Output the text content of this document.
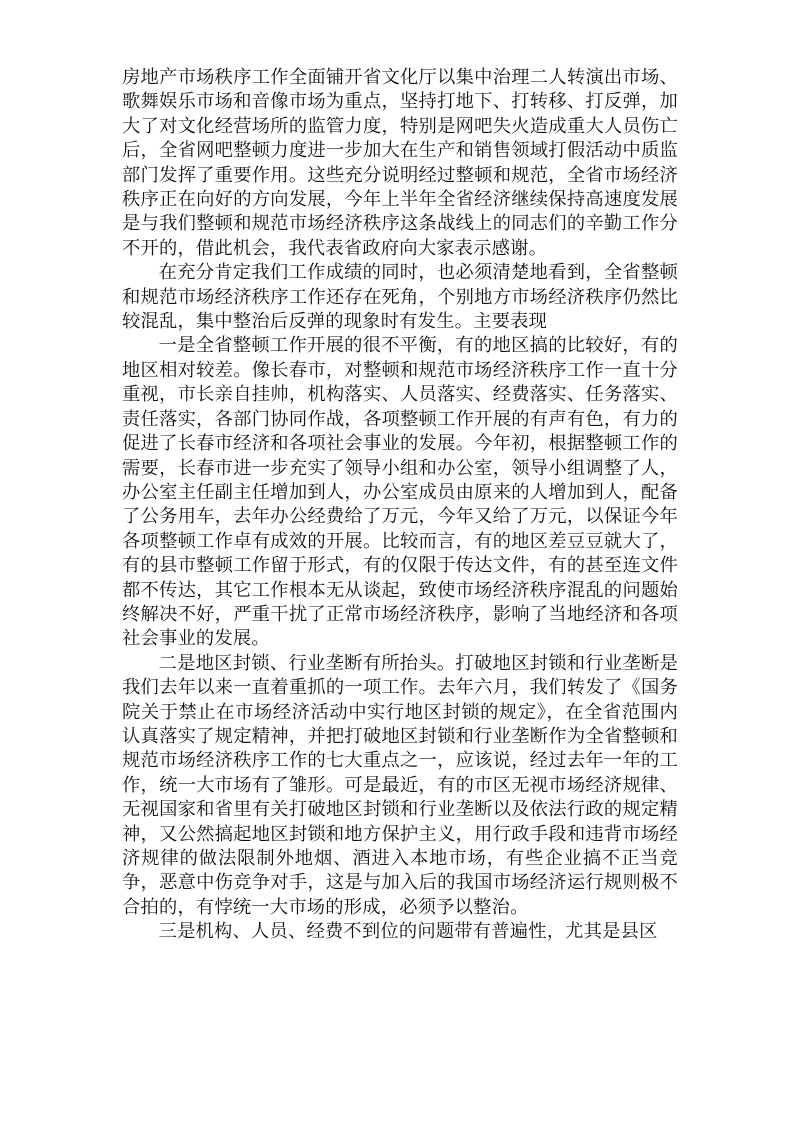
房地产市场秩序工作全面铺开省文化厅以集中治理二人转演出市场、歌舞娱乐市场和音像市场为重点，坚持打地下、打转移、打反弹，加大了对文化经营场所的监管力度，特别是网吧失火造成重大人员伤亡后，全省网吧整顿力度进一步加大在生产和销售领域打假活动中质监部门发挥了重要作用。这些充分说明经过整顿和规范，全省市场经济秩序正在向好的方向发展，今年上半年全省经济继续保持高速度发展是与我们整顿和规范市场经济秩序这条战线上的同志们的辛勤工作分不开的，借此机会，我代表省政府向大家表示感谢。

在充分肯定我们工作成绩的同时，也必须清楚地看到，全省整顿和规范市场经济秩序工作还存在死角，个别地方市场经济秩序仍然比较混乱，集中整治后反弹的现象时有发生。主要表现

一是全省整顿工作开展的很不平衡，有的地区搞的比较好，有的地区相对较差。像长春市，对整顿和规范市场经济秩序工作一直十分重视，市长亲自挂帅，机构落实、人员落实、经费落实、任务落实、责任落实，各部门协同作战，各项整顿工作开展的有声有色，有力的促进了长春市经济和各项社会事业的发展。今年初，根据整顿工作的需要，长春市进一步充实了领导小组和办公室，领导小组调整了人，办公室主任副主任增加到人，办公室成员由原来的人增加到人，配备了公务用车，去年办公经费给了万元，今年又给了万元，以保证今年各项整顿工作卓有成效的开展。比较而言，有的地区差豆豆就大了，有的县市整顿工作留于形式，有的仅限于传达文件，有的甚至连文件都不传达，其它工作根本无从谈起，致使市场经济秩序混乱的问题始终解决不好，严重干扰了正常市场经济秩序，影响了当地经济和各项社会事业的发展。

二是地区封锁、行业垄断有所抬头。打破地区封锁和行业垄断是我们去年以来一直着重抓的一项工作。去年六月，我们转发了《国务院关于禁止在市场经济活动中实行地区封锁的规定》，在全省范围内认真落实了规定精神，并把打破地区封锁和行业垄断作为全省整顿和规范市场经济秩序工作的七大重点之一，应该说，经过去年一年的工作，统一大市场有了雏形。可是最近，有的市区无视市场经济规律、无视国家和省里有关打破地区封锁和行业垄断以及依法行政的规定精神，又公然搞起地区封锁和地方保护主义，用行政手段和违背市场经济规律的做法限制外地烟、酒进入本地市场，有些企业搞不正当竞争，恶意中伤竞争对手，这是与加入后的我国市场经济运行规则极不合拍的，有悖统一大市场的形成，必须予以整治。

三是机构、人员、经费不到位的问题带有普遍性，尤其是县区
